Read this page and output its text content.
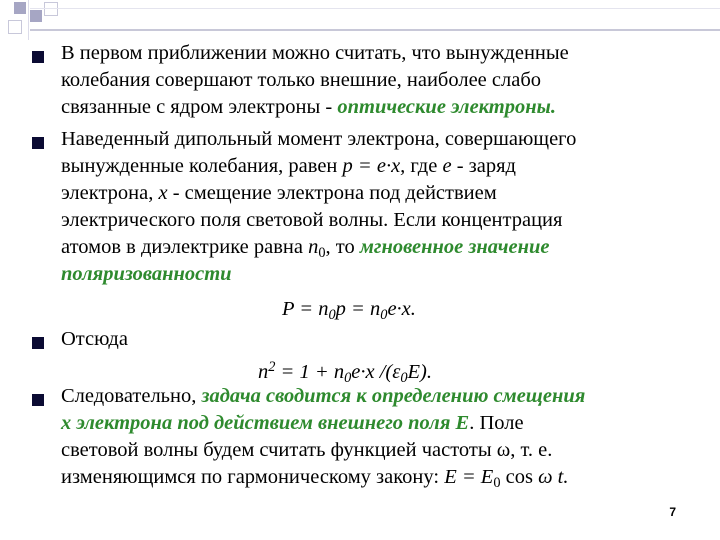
В первом приближении можно считать, что вынужденные
колебания совершают только внешние, наиболее слабо
связанные с ядром электроны - оптические электроны.
Наведенный дипольный момент электрона, совершающего
вынужденные колебания, равен p = e·x, где e - заряд
электрона, x - смещение электрона под действием
электрического поля световой волны. Если концентрация
атомов в диэлектрике равна $n_0$, то мгновенное значение
поляризованности
$P = n_0p = n_0e\cdot x$.
Отсюда
$n^2 = 1 + n_0e\cdot x$ $/(\varepsilon_0E)$.
Следовательно, задача сводится к определению смещения
x электрона под действием внешнего поля E. Поле
световой волны будем считать функцией частоты ω, т. е.
изменяющимся по гармоническому закону: $E = E_0$ cos ω t.
7
